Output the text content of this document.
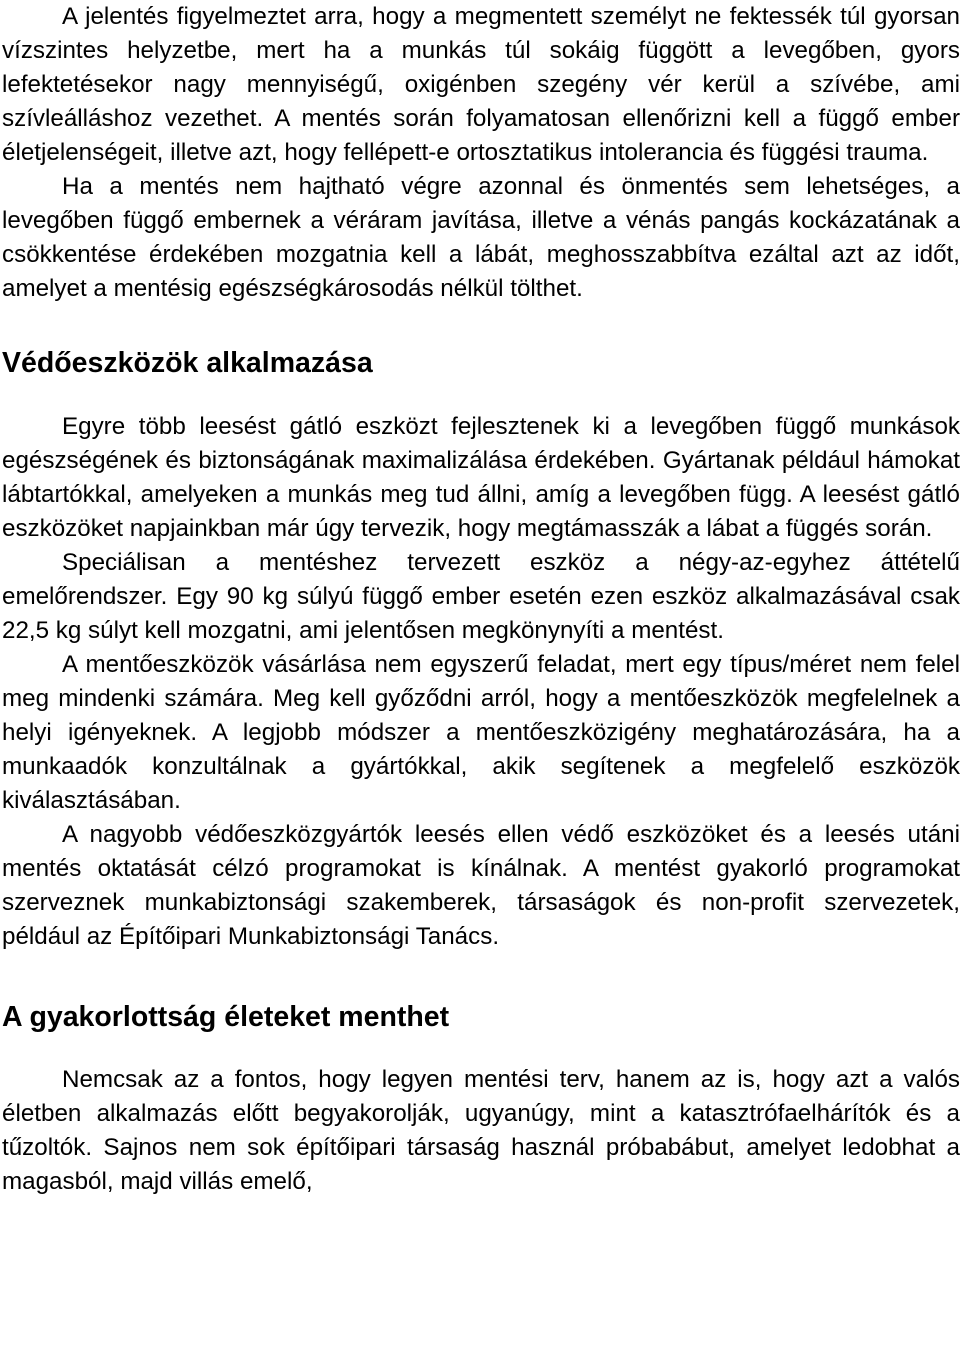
A jelentés figyelmeztet arra, hogy a megmentett személyt ne fektessék túl gyorsan vízszintes helyzetbe, mert ha a munkás túl sokáig függött a levegőben, gyors lefektetésekor nagy mennyiségű, oxigénben szegény vér kerül a szívébe, ami szívleálláshoz vezethet. A mentés során folyamatosan ellenőrizni kell a függő ember életjelenségeit, illetve azt, hogy fellépett-e ortosztatikus intolerancia és függési trauma.

Ha a mentés nem hajtható végre azonnal és önmentés sem lehetséges, a levegőben függő embernek a véráram javítása, illetve a vénás pangás kockázatának a csökkentése érdekében mozgatnia kell a lábát, meghosszabbítva ezáltal azt az időt, amelyet a mentésig egészségkárosodás nélkül tölthet.

Védőeszközök alkalmazása

Egyre több leesést gátló eszközt fejlesztenek ki a levegőben függő munkások egészségének és biztonságának maximalizálása érdekében. Gyártanak például hámokat lábtartókkal, amelyeken a munkás meg tud állni, amíg a levegőben függ. A leesést gátló eszközöket napjainkban már úgy tervezik, hogy megtámasszák a lábat a függés során.

Speciálisan a mentéshez tervezett eszköz a négy-az-egyhez áttételű emelőrendszer. Egy 90 kg súlyú függő ember esetén ezen eszköz alkalmazásával csak 22,5 kg súlyt kell mozgatni, ami jelentősen megkönynyíti a mentést.

A mentőeszközök vásárlása nem egyszerű feladat, mert egy típus/méret nem felel meg mindenki számára. Meg kell győződni arról, hogy a mentőeszközök megfelelnek a helyi igényeknek. A legjobb módszer a mentőeszközigény meghatározására, ha a munkaadók konzultálnak a gyártókkal, akik segítenek a megfelelő eszközök kiválasztásában.

A nagyobb védőeszközgyártók leesés ellen védő eszközöket és a leesés utáni mentés oktatását célzó programokat is kínálnak. A mentést gyakorló programokat szerveznek munkabiztonsági szakemberek, társaságok és non-profit szervezetek, például az Építőipari Munkabiztonsági Tanács.

A gyakorlottság életeket menthet

Nemcsak az a fontos, hogy legyen mentési terv, hanem az is, hogy azt a valós életben alkalmazás előtt begyakorolják, ugyanúgy, mint a katasztrófaelhárítók és a tűzoltók. Sajnos nem sok építőipari társaság használ próbabábut, amelyet ledobhat a magasból, majd villás emelő,
